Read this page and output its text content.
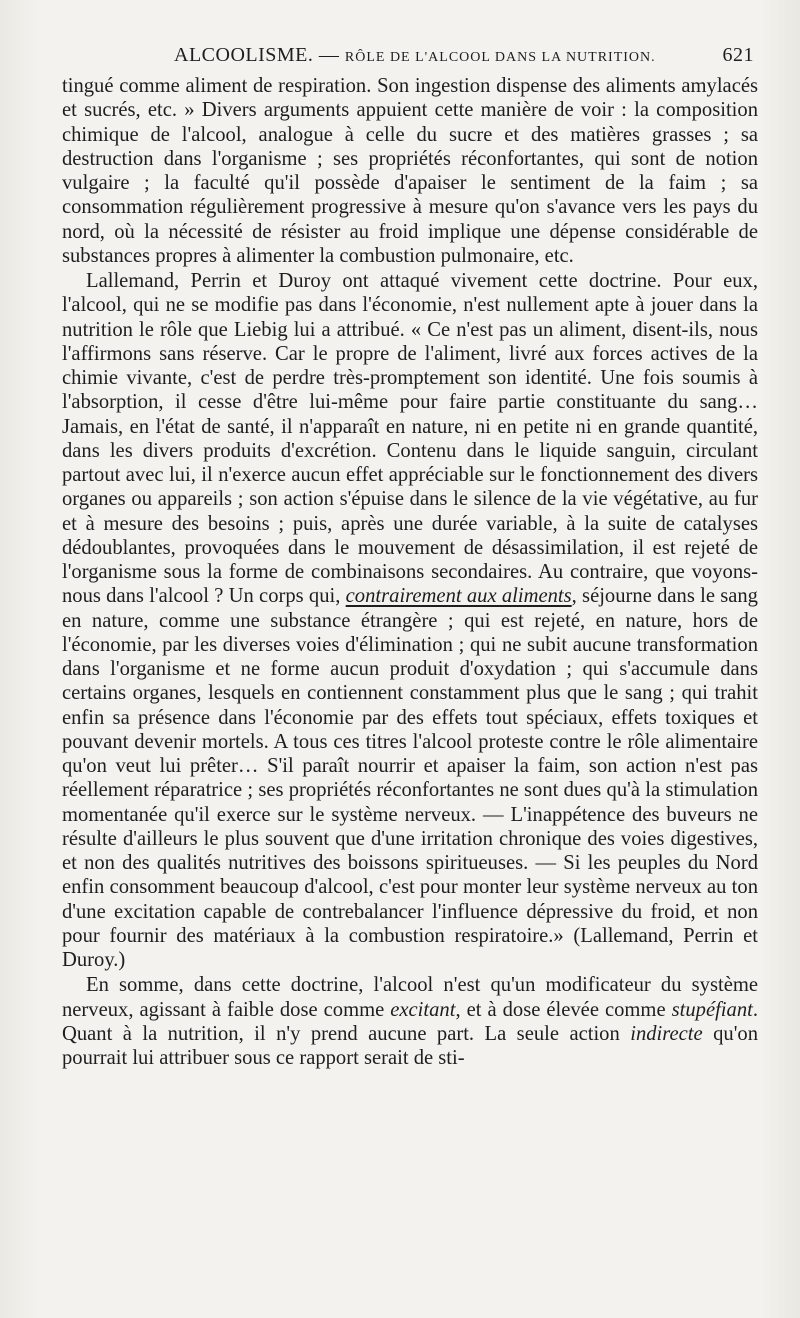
ALCOOLISME. — RÔLE DE L'ALCOOL DANS LA NUTRITION.	621

tingué comme aliment de respiration. Son ingestion dispense des aliments amylacés et sucrés, etc. » Divers arguments appuient cette manière de voir : la composition chimique de l'alcool, analogue à celle du sucre et des matières grasses ; sa destruction dans l'organisme ; ses propriétés réconfortantes, qui sont de notion vulgaire ; la faculté qu'il possède d'apaiser le sentiment de la faim ; sa consommation régulièrement progressive à mesure qu'on s'avance vers les pays du nord, où la nécessité de résister au froid implique une dépense considérable de substances propres à alimenter la combustion pulmonaire, etc.

Lallemand, Perrin et Duroy ont attaqué vivement cette doctrine. Pour eux, l'alcool, qui ne se modifie pas dans l'économie, n'est nullement apte à jouer dans la nutrition le rôle que Liebig lui a attribué. « Ce n'est pas un aliment, disent-ils, nous l'affirmons sans réserve. Car le propre de l'aliment, livré aux forces actives de la chimie vivante, c'est de perdre très-promptement son identité. Une fois soumis à l'absorption, il cesse d'être lui-même pour faire partie constituante du sang… Jamais, en l'état de santé, il n'apparaît en nature, ni en petite ni en grande quantité, dans les divers produits d'excrétion. Contenu dans le liquide sanguin, circulant partout avec lui, il n'exerce aucun effet appréciable sur le fonctionnement des divers organes ou appareils ; son action s'épuise dans le silence de la vie végétative, au fur et à mesure des besoins ; puis, après une durée variable, à la suite de catalyses dédoublantes, provoquées dans le mouvement de désassimilation, il est rejeté de l'organisme sous la forme de combinaisons secondaires. Au contraire, que voyons-nous dans l'alcool ? Un corps qui, contrairement aux aliments, séjourne dans le sang en nature, comme une substance étrangère ; qui est rejeté, en nature, hors de l'économie, par les diverses voies d'élimination ; qui ne subit aucune transformation dans l'organisme et ne forme aucun produit d'oxydation ; qui s'accumule dans certains organes, lesquels en contiennent constamment plus que le sang ; qui trahit enfin sa présence dans l'économie par des effets tout spéciaux, effets toxiques et pouvant devenir mortels. A tous ces titres l'alcool proteste contre le rôle alimentaire qu'on veut lui prêter… S'il paraît nourrir et apaiser la faim, son action n'est pas réellement réparatrice ; ses propriétés réconfortantes ne sont dues qu'à la stimulation momentanée qu'il exerce sur le système nerveux. — L'inappétence des buveurs ne résulte d'ailleurs le plus souvent que d'une irritation chronique des voies digestives, et non des qualités nutritives des boissons spiritueuses. — Si les peuples du Nord enfin consomment beaucoup d'alcool, c'est pour monter leur système nerveux au ton d'une excitation capable de contrebalancer l'influence dépressive du froid, et non pour fournir des matériaux à la combustion respiratoire.» (Lallemand, Perrin et Duroy.)

En somme, dans cette doctrine, l'alcool n'est qu'un modificateur du système nerveux, agissant à faible dose comme excitant, et à dose élevée comme stupéfiant. Quant à la nutrition, il n'y prend aucune part. La seule action indirecte qu'on pourrait lui attribuer sous ce rapport serait de sti-
